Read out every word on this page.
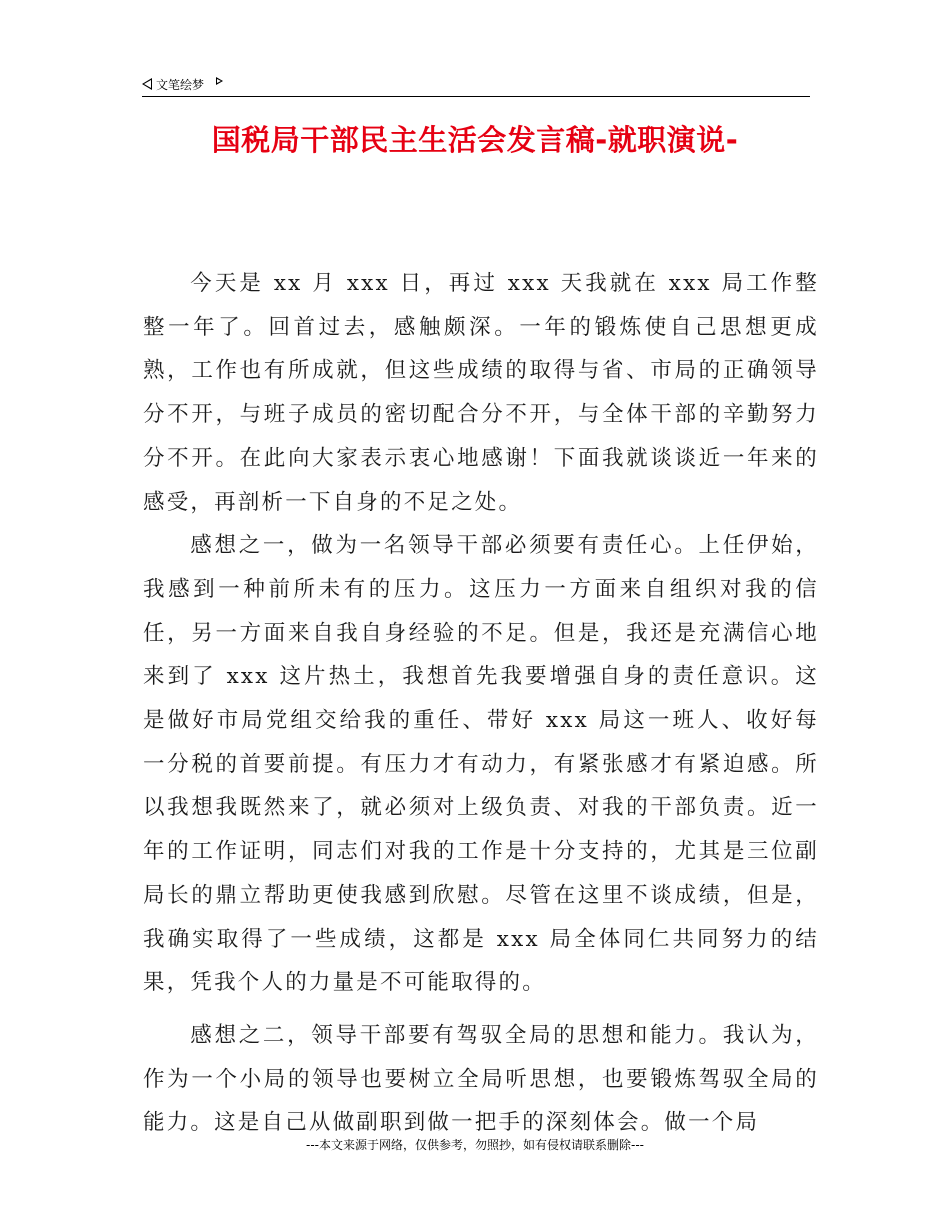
文笔绘梦
国税局干部民主生活会发言稿-就职演说-

今天是 xx 月 xxx 日，再过 xxx 天我就在 xxx 局工作整整一年了。回首过去，感触颇深。一年的锻炼使自己思想更成熟，工作也有所成就，但这些成绩的取得与省、市局的正确领导分不开，与班子成员的密切配合分不开，与全体干部的辛勤努力分不开。在此向大家表示衷心地感谢！下面我就谈谈近一年来的感受，再剖析一下自身的不足之处。

感想之一，做为一名领导干部必须要有责任心。上任伊始，我感到一种前所未有的压力。这压力一方面来自组织对我的信任，另一方面来自我自身经验的不足。但是，我还是充满信心地来到了 xxx 这片热土，我想首先我要增强自身的责任意识。这是做好市局党组交给我的重任、带好 xxx 局这一班人、收好每一分税的首要前提。有压力才有动力，有紧张感才有紧迫感。所以我想我既然来了，就必须对上级负责、对我的干部负责。近一年的工作证明，同志们对我的工作是十分支持的，尤其是三位副局长的鼎立帮助更使我感到欣慰。尽管在这里不谈成绩，但是，我确实取得了一些成绩，这都是 xxx 局全体同仁共同努力的结果，凭我个人的力量是不可能取得的。

感想之二，领导干部要有驾驭全局的思想和能力。我认为，作为一个小局的领导也要树立全局听思想，也要锻炼驾驭全局的能力。这是自己从做副职到做一把手的深刻体会。做一个局

---本文来源于网络，仅供参考，勿照抄，如有侵权请联系删除---
